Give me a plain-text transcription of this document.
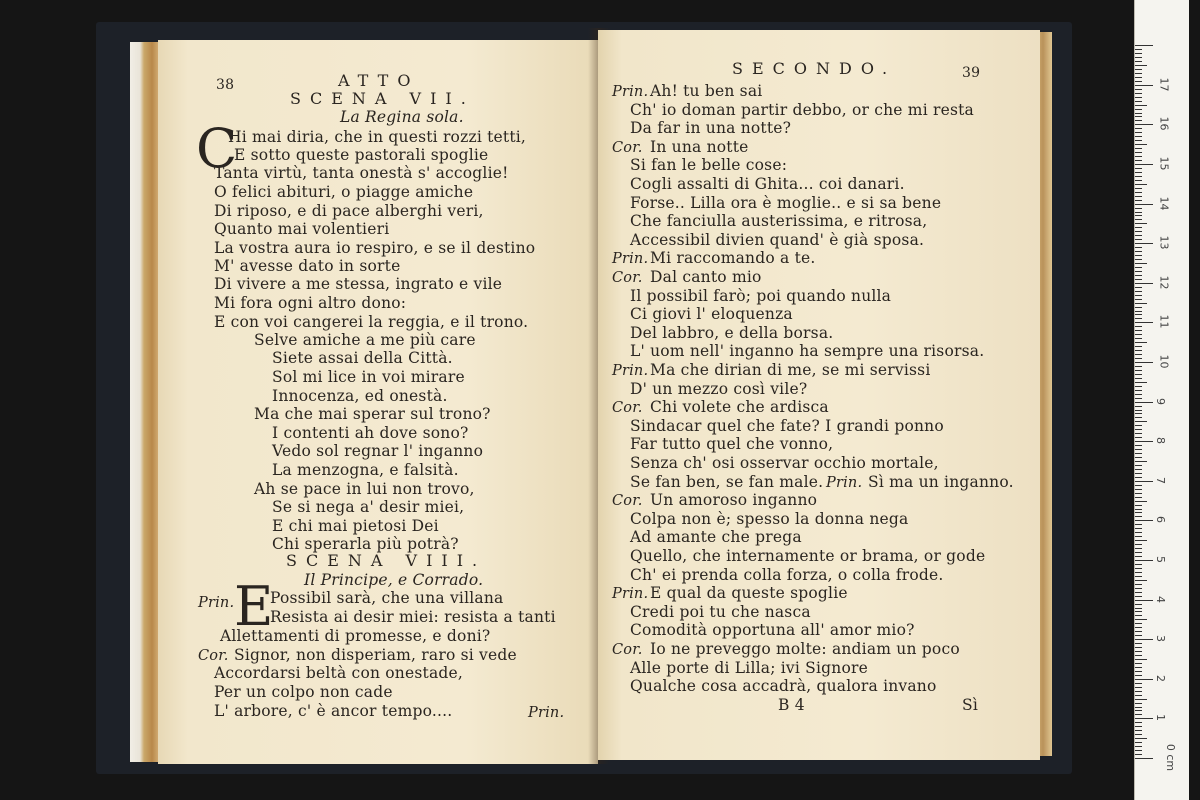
38	ATTO
SCENA VII.
La Regina sola.
C
Hi mai diria, che in questi rozzi tetti,
E sotto queste pastorali spoglie
Tanta virtù, tanta onestà s' accoglie!
O felici abituri, o piagge amiche
Di riposo, e di pace alberghi veri,
Quanto mai volentieri
La vostra aura io respiro, e se il destino
M' avesse dato in sorte
Di vivere a me stessa, ingrato e vile
Mi fora ogni altro dono:
E con voi cangerei la reggia, e il trono.
Selve amiche a me più care
Siete assai della Città.
Sol mi lice in voi mirare
Innocenza, ed onestà.
Ma che mai sperar sul trono?
I contenti ah dove sono?
Vedo sol regnar l' inganno
La menzogna, e falsità.
Ah se pace in lui non trovo,
Se si nega a' desir miei,
E chi mai pietosi Dei
Chi sperarla più potrà?
SCENA VIII.
Il Principe, e Corrado.
Prin. E
Possibil sarà, che una villana
Resista ai desir miei: resista a tanti
Allettamenti di promesse, e doni?
Cor. Signor, non disperiam, raro si vede
Accordarsi beltà con onestade,
Per un colpo non cade
L' arbore, c' è ancor tempo....	Prin.
SECONDO.	39
Prin. Ah! tu ben sai
Ch' io doman partir debbo, or che mi resta
Da far in una notte?
Cor. In una notte
Si fan le belle cose:
Cogli assalti di Ghita... coi danari.
Forse.. Lilla ora è moglie.. e si sa bene
Che fanciulla austerissima, e ritrosa,
Accessibil divien quand' è già sposa.
Prin. Mi raccomando a te.
Cor. Dal canto mio
Il possibil farò; poi quando nulla
Ci giovi l' eloquenza
Del labbro, e della borsa.
L' uom nell' inganno ha sempre una risorsa.
Prin. Ma che dirian di me, se mi servissi
D' un mezzo così vile?
Cor. Chi volete che ardisca
Sindacar quel che fate? I grandi ponno
Far tutto quel che vonno,
Senza ch' osi osservar occhio mortale,
Se fan ben, se fan male. Prin. Sì ma un inganno.
Cor. Un amoroso inganno
Colpa non è; spesso la donna nega
Ad amante che prega
Quello, che internamente or brama, or gode
Ch' ei prenda colla forza, o colla frode.
Prin. E qual da queste spoglie
Credi poi tu che nasca
Comodità opportuna all' amor mio?
Cor. Io ne preveggo molte: andiam un poco
Alle porte di Lilla; ivi Signore
Qualche cosa accadrà, qualora invano
B 4	Sì
0 cm
1
2
3
4
5
6
7
8
9
10
11
12
13
14
15
16
17
